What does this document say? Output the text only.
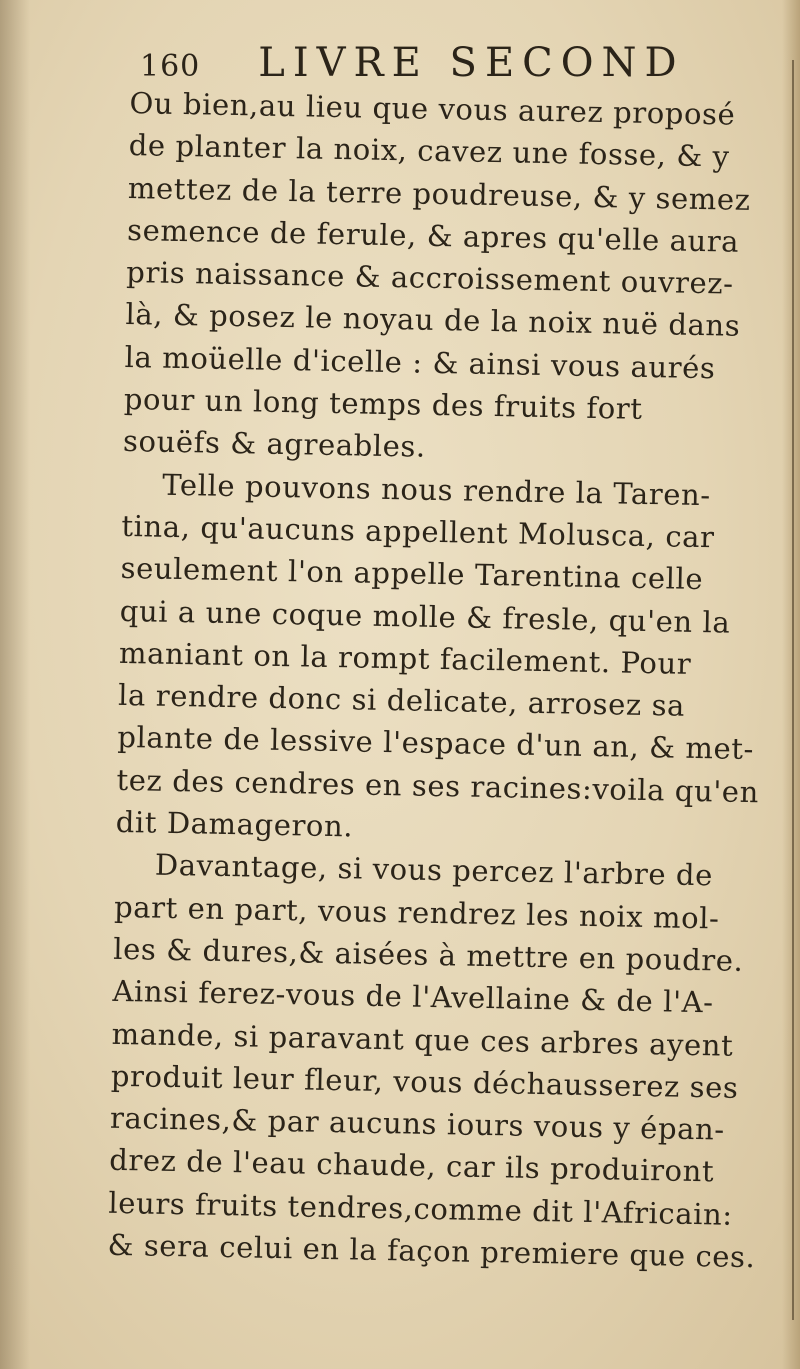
160 LIVRE SECOND
Ou bien,au lieu que vous aurez proposé
de planter la noix, cavez une fosse, & y
mettez de la terre poudreuse, & y semez
semence de ferule, & apres qu'elle aura
pris naissance & accroissement ouvrez-
là, & posez le noyau de la noix nuë dans
la moüelle d'icelle : & ainsi vous aurés
pour un long temps des fruits fort
souëfs & agreables.
Telle pouvons nous rendre la Taren-
tina, qu'aucuns appellent Molusca, car
seulement l'on appelle Tarentina celle
qui a une coque molle & fresle, qu'en la
maniant on la rompt facilement. Pour
la rendre donc si delicate, arrosez sa
plante de lessive l'espace d'un an, & met-
tez des cendres en ses racines:voila qu'en
dit Damageron.
Davantage, si vous percez l'arbre de
part en part, vous rendrez les noix mol-
les & dures,& aisées à mettre en poudre.
Ainsi ferez-vous de l'Avellaine & de l'A-
mande, si paravant que ces arbres ayent
produit leur fleur, vous déchausserez ses
racines,& par aucuns iours vous y épan-
drez de l'eau chaude, car ils produiront
leurs fruits tendres,comme dit l'Africain:
& sera celui en la façon premiere que ces.
